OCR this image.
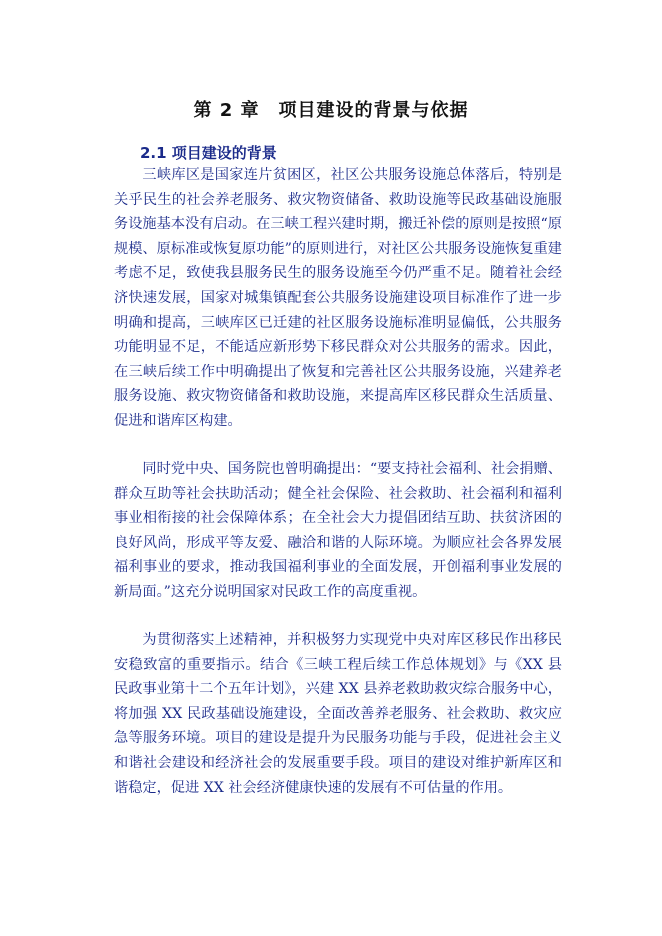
第 2 章　项目建设的背景与依据
2.1 项目建设的背景

三峡库区是国家连片贫困区，社区公共服务设施总体落后，特别是关乎民生的社会养老服务、救灾物资储备、救助设施等民政基础设施服务设施基本没有启动。在三峡工程兴建时期，搬迁补偿的原则是按照“原规模、原标准或恢复原功能”的原则进行，对社区公共服务设施恢复重建考虑不足，致使我县服务民生的服务设施至今仍严重不足。随着社会经济快速发展，国家对城集镇配套公共服务设施建设项目标准作了进一步明确和提高，三峡库区已迁建的社区服务设施标准明显偏低，公共服务功能明显不足，不能适应新形势下移民群众对公共服务的需求。因此，在三峡后续工作中明确提出了恢复和完善社区公共服务设施，兴建养老服务设施、救灾物资储备和救助设施，来提高库区移民群众生活质量、促进和谐库区构建。

同时党中央、国务院也曾明确提出：“要支持社会福利、社会捐赠、群众互助等社会扶助活动；健全社会保险、社会救助、社会福利和福利事业相衔接的社会保障体系；在全社会大力提倡团结互助、扶贫济困的良好风尚，形成平等友爱、融洽和谐的人际环境。为顺应社会各界发展福利事业的要求，推动我国福利事业的全面发展，开创福利事业发展的新局面。”这充分说明国家对民政工作的高度重视。

为贯彻落实上述精神，并积极努力实现党中央对库区移民作出移民安稳致富的重要指示。结合《三峡工程后续工作总体规划》与《XX 县民政事业第十二个五年计划》，兴建 XX 县养老救助救灾综合服务中心，将加强 XX 民政基础设施建设，全面改善养老服务、社会救助、救灾应急等服务环境。项目的建设是提升为民服务功能与手段，促进社会主义和谐社会建设和经济社会的发展重要手段。项目的建设对维护新库区和谐稳定，促进 XX 社会经济健康快速的发展有不可估量的作用。
